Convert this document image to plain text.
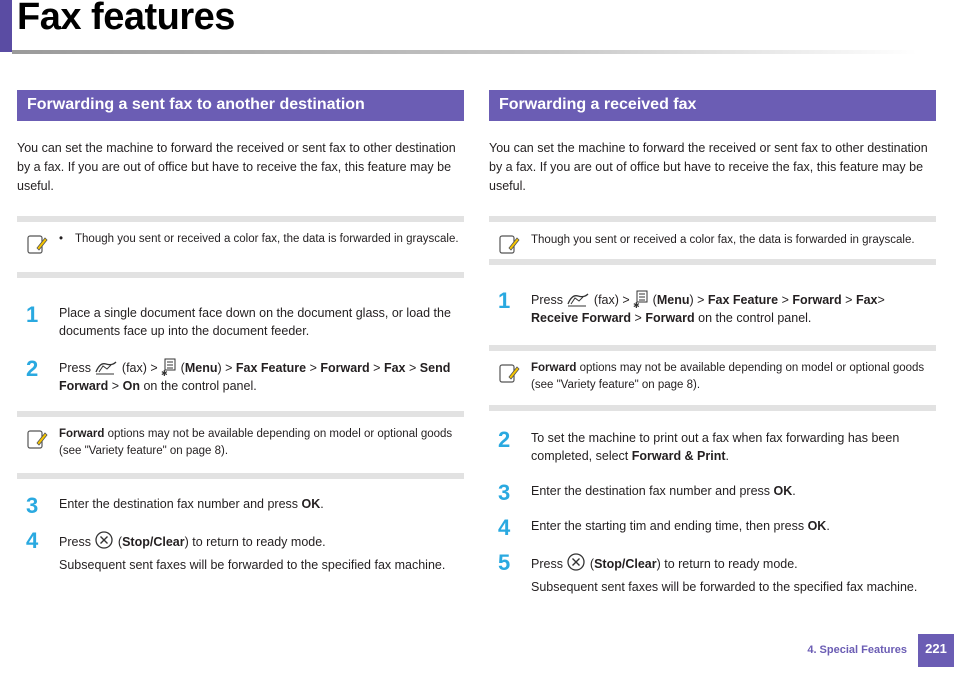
Fax features
Forwarding a sent fax to another destination

You can set the machine to forward the received or sent fax to other destination by a fax. If you are out of office but have to receive the fax, this feature may be useful.

• Though you sent or received a color fax, the data is forwarded in grayscale.
1 Place a single document face down on the document glass, or load the documents face up into the document feeder.

2 Press (fax) > ✱ (Menu) > Fax Feature > Forward > Fax > Send Forward > On on the control panel.

Forward options may not be available depending on model or optional goods (see "Variety feature" on page 8).

3 Enter the destination fax number and press OK.

4 Press (Stop/Clear) to return to ready mode.

Subsequent sent faxes will be forwarded to the specified fax machine.

Forwarding a received fax

You can set the machine to forward the received or sent fax to other destination by a fax. If you are out of office but have to receive the fax, this feature may be useful.

Though you sent or received a color fax, the data is forwarded in grayscale.

1 Press (fax) > ✱ (Menu) > Fax Feature > Forward > Fax> Receive Forward > Forward on the control panel.

Forward options may not be available depending on model or optional goods (see "Variety feature" on page 8).

2 To set the machine to print out a fax when fax forwarding has been completed, select Forward & Print.

3 Enter the destination fax number and press OK.

4 Enter the starting tim and ending time, then press OK.

5 Press (Stop/Clear) to return to ready mode.

Subsequent sent faxes will be forwarded to the specified fax machine.

4. Special Features	221
